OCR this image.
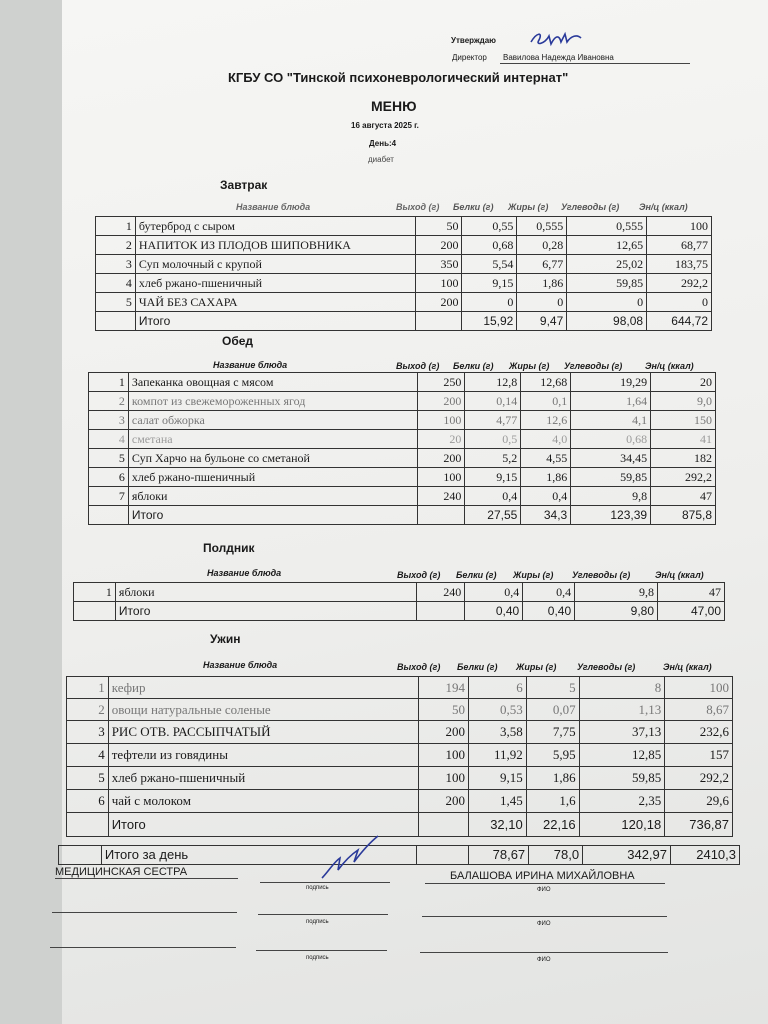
Утверждаю
Директор Вавилова Надежда Ивановна
КГБУ СО "Тинской психоневрологический интернат"
МЕНЮ
16 августа 2025 г.
День:4
диабет
Завтрак
Название блюда	Выход (г) Белки (г) Жиры (г) Углеводы (г) Эн/ц (ккал)
1	бутерброд с сыром	50	0,55	0,555	0,555	100
2	НАПИТОК ИЗ ПЛОДОВ ШИПОВНИКА	200	0,68	0,28	12,65	68,77
3	Суп молочный с крупой	350	5,54	6,77	25,02	183,75
4	хлеб ржано-пшеничный	100	9,15	1,86	59,85	292,2
5	ЧАЙ БЕЗ САХАРА	200	0	0	0	0
	Итого		15,92	9,47	98,08	644,72
Обед
Название блюда	Выход (г) Белки (г) Жиры (г) Углеводы (г)	Эн/ц (ккал)
1	Запеканка овощная с мясом	250	12,8	12,68	19,29	20
2	компот из свежемороженных ягод	200	0,14	0,1	1,64	9,0
3	салат обжорка	100	4,77	12,6	4,1	150
4	сметана	20	0,5	4,0	0,68	41
5	Суп Харчо на бульоне со сметаной	200	5,2	4,55	34,45	182
6	хлеб ржано-пшеничный	100	9,15	1,86	59,85	292,2
7	яблоки	240	0,4	0,4	9,8	47
	Итого		27,55	34,3	123,39	875,8
Полдник
Название блюда	Выход (г) Белки (г) Жиры (г) Углеводы (г)	Эн/ц (ккал)
1	яблоки	240	0,4	0,4	9,8	47
	Итого		0,40	0,40	9,80	47,00
Ужин
Название блюда	Выход (г) Белки (г) Жиры (г) Углеводы (г)	Эн/ц (ккал)
1	кефир	194	6	5	8	100
2	овощи натуральные соленые	50	0,53	0,07	1,13	8,67
3	РИС ОТВ. РАССЫПЧАТЫЙ	200	3,58	7,75	37,13	232,6
4	тефтели из говядины	100	11,92	5,95	12,85	157
5	хлеб ржано-пшеничный	100	9,15	1,86	59,85	292,2
6	чай с молоком	200	1,45	1,6	2,35	29,6
	Итого		32,10	22,16	120,18	736,87
	Итого за день		78,67	78,0	342,97	2410,3
МЕДИЦИНСКАЯ СЕСТРА	БАЛАШОВА ИРИНА МИХАЙЛОВНА
подпись	ФИО
подпись	ФИО
подпись	ФИО
